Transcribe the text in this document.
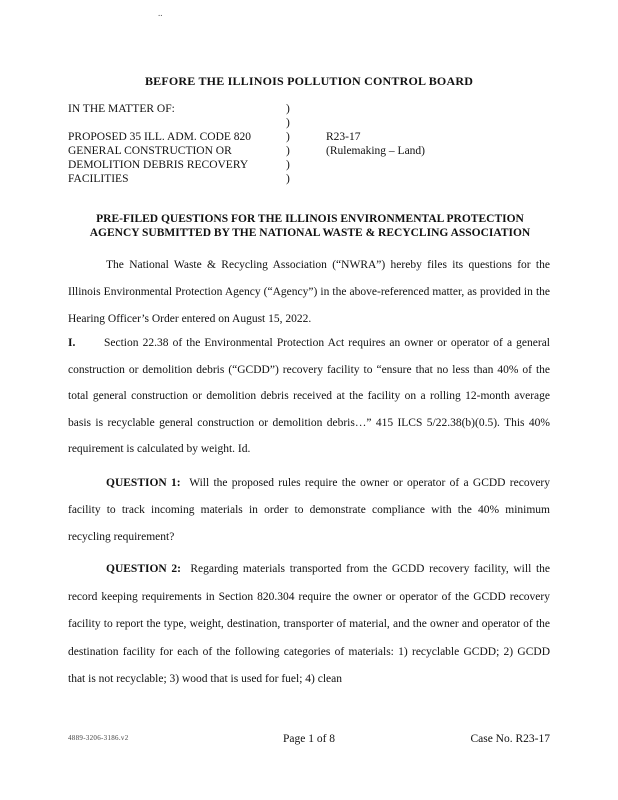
..
BEFORE THE ILLINOIS POLLUTION CONTROL BOARD
IN THE MATTER OF:
PROPOSED 35 ILL. ADM. CODE 820
GENERAL CONSTRUCTION OR
DEMOLITION DEBRIS RECOVERY
FACILITIES
)
)
)
)
)
)
R23-17
(Rulemaking – Land)
PRE-FILED QUESTIONS FOR THE ILLINOIS ENVIRONMENTAL PROTECTION
AGENCY SUBMITTED BY THE NATIONAL WASTE & RECYCLING ASSOCIATION
The National Waste & Recycling Association (“NWRA”) hereby files its questions for the Illinois Environmental Protection Agency (“Agency”) in the above-referenced matter, as provided in the Hearing Officer’s Order entered on August 15, 2022.
I. Section 22.38 of the Environmental Protection Act requires an owner or operator of a general construction or demolition debris (“GCDD”) recovery facility to “ensure that no less than 40% of the total general construction or demolition debris received at the facility on a rolling 12-month average basis is recyclable general construction or demolition debris…” 415 ILCS 5/22.38(b)(0.5). This 40% requirement is calculated by weight. Id.
QUESTION 1: Will the proposed rules require the owner or operator of a GCDD recovery facility to track incoming materials in order to demonstrate compliance with the 40% minimum recycling requirement?
QUESTION 2: Regarding materials transported from the GCDD recovery facility, will the record keeping requirements in Section 820.304 require the owner or operator of the GCDD recovery facility to report the type, weight, destination, transporter of material, and the owner and operator of the destination facility for each of the following categories of materials: 1) recyclable GCDD; 2) GCDD that is not recyclable; 3) wood that is used for fuel; 4) clean
4889-3206-3186.v2	Page 1 of 8	Case No. R23-17
